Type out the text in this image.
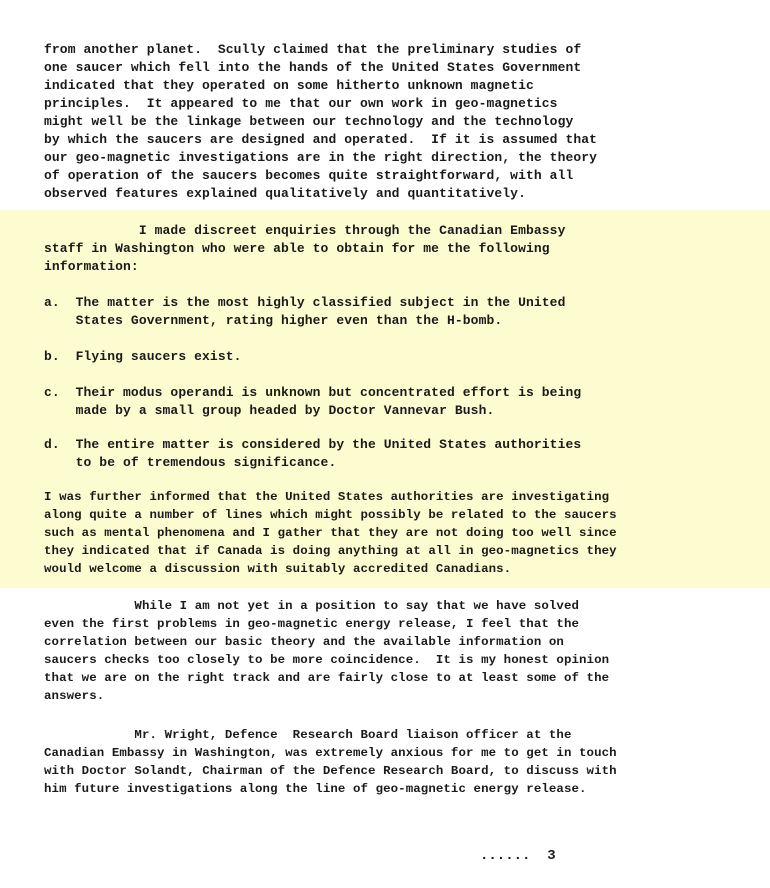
from another planet.  Scully claimed that the preliminary studies of
one saucer which fell into the hands of the United States Government
indicated that they operated on some hitherto unknown magnetic
principles.  It appeared to me that our own work in geo-magnetics
might well be the linkage between our technology and the technology
by which the saucers are designed and operated.  If it is assumed that
our geo-magnetic investigations are in the right direction, the theory
of operation of the saucers becomes quite straightforward, with all
observed features explained qualitatively and quantitatively.

I made discreet enquiries through the Canadian Embassy
staff in Washington who were able to obtain for me the following
information:

a.  The matter is the most highly classified subject in the United
States Government, rating higher even than the H-bomb.

b.  Flying saucers exist.

c.  Their modus operandi is unknown but concentrated effort is being
made by a small group headed by Doctor Vannevar Bush.

d.  The entire matter is considered by the United States authorities
to be of tremendous significance.

I was further informed that the United States authorities are investigating
along quite a number of lines which might possibly be related to the saucers
such as mental phenomena and I gather that they are not doing too well since
they indicated that if Canada is doing anything at all in geo-magnetics they
would welcome a discussion with suitably accredited Canadians.

While I am not yet in a position to say that we have solved
even the first problems in geo-magnetic energy release, I feel that the
correlation between our basic theory and the available information on
saucers checks too closely to be more coincidence.  It is my honest opinion
that we are on the right track and are fairly close to at least some of the
answers.

Mr. Wright, Defence  Research Board liaison officer at the
Canadian Embassy in Washington, was extremely anxious for me to get in touch
with Doctor Solandt, Chairman of the Defence Research Board, to discuss with
him future investigations along the line of geo-magnetic energy release.

......  3
